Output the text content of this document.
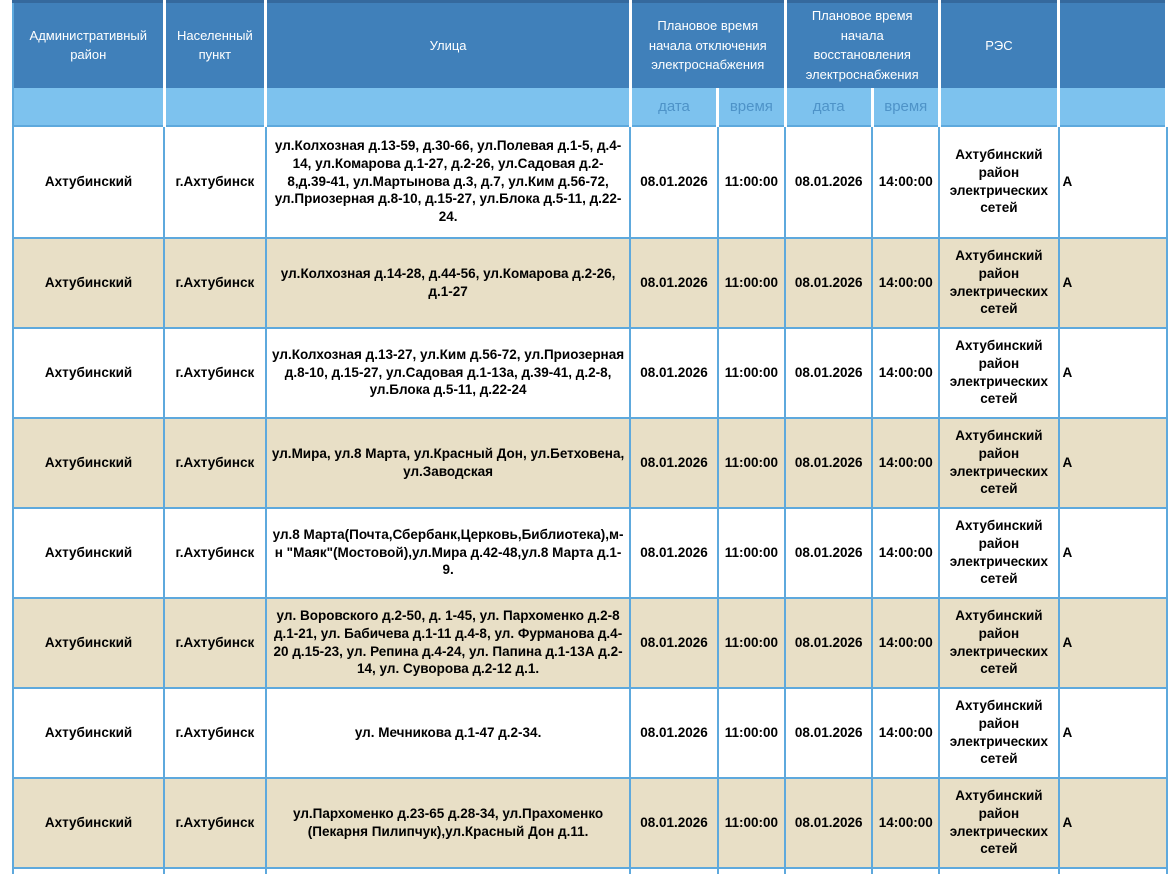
Административный район	Населенный пункт	Улица	Плановое время начала отключения электроснабжения		Плановое время начала восстановления электроснабжения		РЭС	
			дата	время	дата	время		
Ахтубинский	г.Ахтубинск	ул.Колхозная д.13-59, д.30-66, ул.Полевая д.1-5, д.4-14, ул.Комарова д.1-27, д.2-26, ул.Садовая д.2-8,д.39-41, ул.Мартынова д.3, д.7, ул.Ким д.56-72, ул.Приозерная д.8-10, д.15-27, ул.Блока д.5-11, д.22-24.	08.01.2026	11:00:00	08.01.2026	14:00:00	Ахтубинский район электрических сетей	А
Ахтубинский	г.Ахтубинск	ул.Колхозная д.14-28, д.44-56, ул.Комарова д.2-26, д.1-27	08.01.2026	11:00:00	08.01.2026	14:00:00	Ахтубинский район электрических сетей	А
Ахтубинский	г.Ахтубинск	ул.Колхозная д.13-27, ул.Ким д.56-72, ул.Приозерная д.8-10, д.15-27, ул.Садовая д.1-13а, д.39-41, д.2-8, ул.Блока д.5-11, д.22-24	08.01.2026	11:00:00	08.01.2026	14:00:00	Ахтубинский район электрических сетей	А
Ахтубинский	г.Ахтубинск	ул.Мира, ул.8 Марта, ул.Красный Дон, ул.Бетховена, ул.Заводская	08.01.2026	11:00:00	08.01.2026	14:00:00	Ахтубинский район электрических сетей	А
Ахтубинский	г.Ахтубинск	ул.8 Марта(Почта,Сбербанк,Церковь,Библиотека),м-н "Маяк"(Мостовой),ул.Мира д.42-48,ул.8 Марта д.1-9.	08.01.2026	11:00:00	08.01.2026	14:00:00	Ахтубинский район электрических сетей	А
Ахтубинский	г.Ахтубинск	ул. Воровского д.2-50, д. 1-45, ул. Пархоменко д.2-8 д.1-21, ул. Бабичева д.1-11 д.4-8, ул. Фурманова д.4-20 д.15-23, ул. Репина д.4-24, ул. Папина д.1-13А д.2-14, ул. Суворова д.2-12 д.1.	08.01.2026	11:00:00	08.01.2026	14:00:00	Ахтубинский район электрических сетей	А
Ахтубинский	г.Ахтубинск	ул. Мечникова д.1-47 д.2-34.	08.01.2026	11:00:00	08.01.2026	14:00:00	Ахтубинский район электрических сетей	А
Ахтубинский	г.Ахтубинск	ул.Пархоменко д.23-65 д.28-34, ул.Прахоменко (Пекарня Пилипчук),ул.Красный Дон д.11.	08.01.2026	11:00:00	08.01.2026	14:00:00	Ахтубинский район электрических сетей	А
